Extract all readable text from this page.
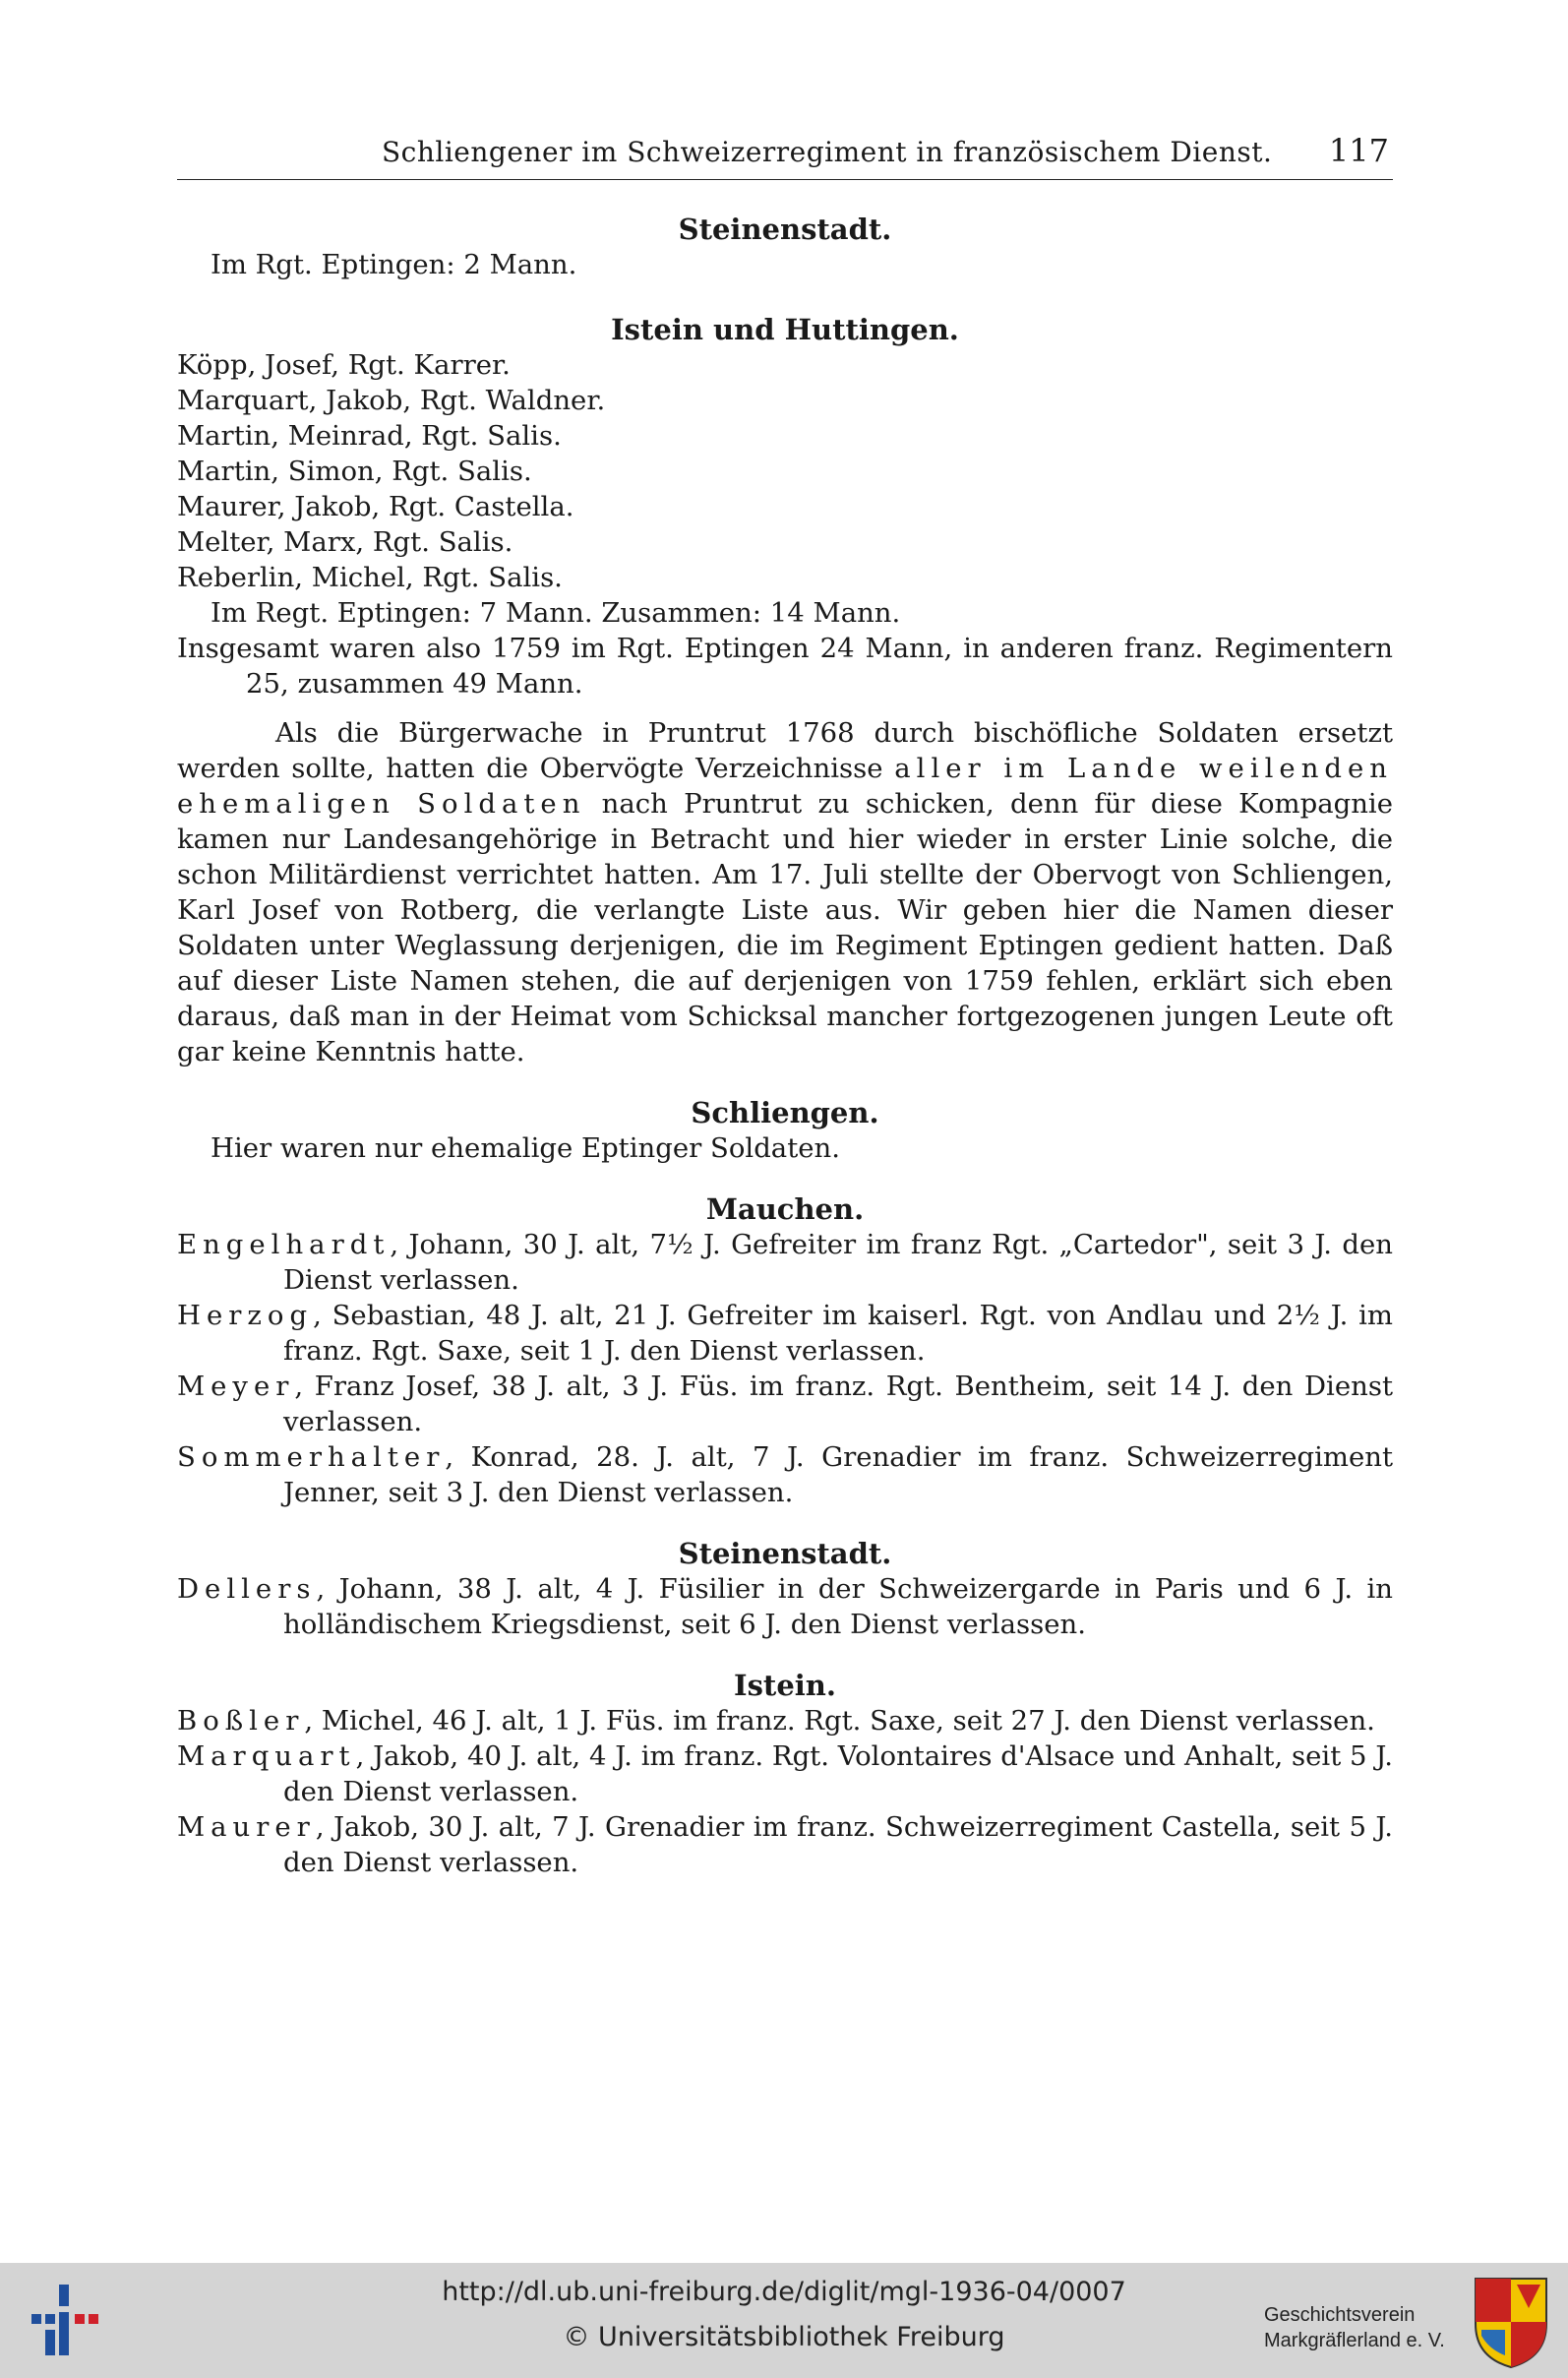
Schliengener im Schweizerregiment in französischem Dienst. 117

Steinenstadt.

Im Rgt. Eptingen: 2 Mann.

Istein und Huttingen.

Köpp, Josef, Rgt. Karrer.

Marquart, Jakob, Rgt. Waldner.

Martin, Meinrad, Rgt. Salis.

Martin, Simon, Rgt. Salis.

Maurer, Jakob, Rgt. Castella.

Melter, Marx, Rgt. Salis.

Reberlin, Michel, Rgt. Salis.

Im Regt. Eptingen: 7 Mann. Zusammen: 14 Mann.

Insgesamt waren also 1759 im Rgt. Eptingen 24 Mann, in anderen franz. Regimentern 25, zusammen 49 Mann.

Als die Bürgerwache in Pruntrut 1768 durch bischöfliche Soldaten ersetzt werden sollte, hatten die Obervögte Verzeichnisse aller im Lande weilenden ehemaligen Soldaten nach Pruntrut zu schicken, denn für diese Kompagnie kamen nur Landesangehörige in Betracht und hier wieder in erster Linie solche, die schon Militärdienst verrichtet hatten. Am 17. Juli stellte der Obervogt von Schliengen, Karl Josef von Rotberg, die verlangte Liste aus. Wir geben hier die Namen dieser Soldaten unter Weglassung derjenigen, die im Regiment Eptingen gedient hatten. Daß auf dieser Liste Namen stehen, die auf derjenigen von 1759 fehlen, erklärt sich eben daraus, daß man in der Heimat vom Schicksal mancher fortgezogenen jungen Leute oft gar keine Kenntnis hatte.

Schliengen.

Hier waren nur ehemalige Eptinger Soldaten.

Mauchen.

Engelhardt, Johann, 30 J. alt, 7½ J. Gefreiter im franz Rgt. „Cartedor", seit 3 J. den Dienst verlassen.

Herzog, Sebastian, 48 J. alt, 21 J. Gefreiter im kaiserl. Rgt. von Andlau und 2½ J. im franz. Rgt. Saxe, seit 1 J. den Dienst verlassen.

Meyer, Franz Josef, 38 J. alt, 3 J. Füs. im franz. Rgt. Bentheim, seit 14 J. den Dienst verlassen.

Sommerhalter, Konrad, 28. J. alt, 7 J. Grenadier im franz. Schweizerregiment Jenner, seit 3 J. den Dienst verlassen.

Steinenstadt.

Dellers, Johann, 38 J. alt, 4 J. Füsilier in der Schweizergarde in Paris und 6 J. in holländischem Kriegsdienst, seit 6 J. den Dienst verlassen.

Istein.

Boßler, Michel, 46 J. alt, 1 J. Füs. im franz. Rgt. Saxe, seit 27 J. den Dienst verlassen.

Marquart, Jakob, 40 J. alt, 4 J. im franz. Rgt. Volontaires d'Alsace und Anhalt, seit 5 J. den Dienst verlassen.

Maurer, Jakob, 30 J. alt, 7 J. Grenadier im franz. Schweizerregiment Castella, seit 5 J. den Dienst verlassen.

http://dl.ub.uni-freiburg.de/diglit/mgl-1936-04/0007
© Universitätsbibliothek Freiburg
Geschichtsverein
Markgräflerland e. V.
